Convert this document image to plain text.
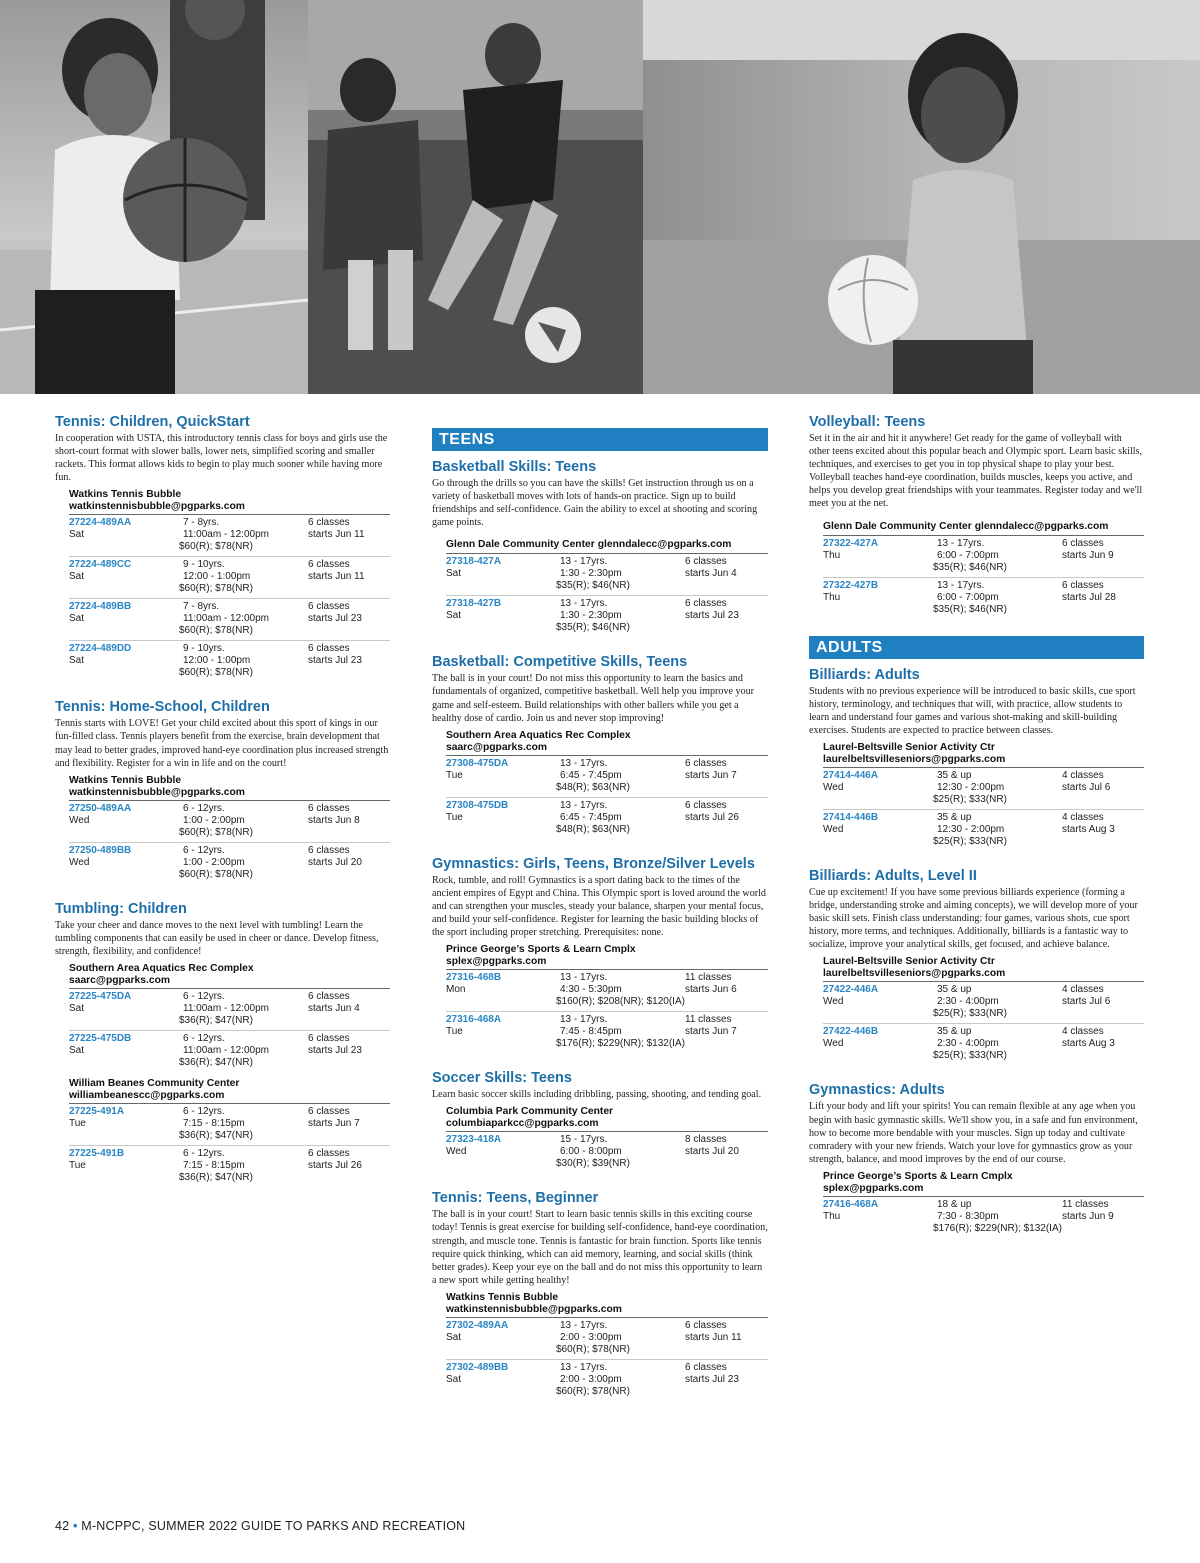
Tennis: Children, QuickStart
In cooperation with USTA, this introductory tennis class for boys and girls use the short-court format with slower balls, lower nets, simplified scoring and smaller rackets. This format allows kids to begin to play much sooner while having more fun.
Watkins Tennis Bubble
watkinstennisbubble@pgparks.com
27224-489AA
Sat
7 - 8yrs.
11:00am - 12:00pm
$60(R); $78(NR)
6 classes
starts Jun 11
27224-489CC
Sat
9 - 10yrs.
12:00 - 1:00pm
$60(R); $78(NR)
6 classes
starts Jun 11
27224-489BB
Sat
7 - 8yrs.
11:00am - 12:00pm
$60(R); $78(NR)
6 classes
starts Jul 23
27224-489DD
Sat
9 - 10yrs.
12:00 - 1:00pm
$60(R); $78(NR)
6 classes
starts Jul 23
Tennis: Home-School, Children
Tennis starts with LOVE! Get your child excited about this sport of kings in our fun-filled class. Tennis players benefit from the exercise, brain development that may lead to better grades, improved hand-eye coordination plus increased strength and flexibility. Register for a win in life and on the court!
Watkins Tennis Bubble
watkinstennisbubble@pgparks.com
27250-489AA
Wed
6 - 12yrs.
1:00 - 2:00pm
$60(R); $78(NR)
6 classes
starts Jun 8
27250-489BB
Wed
6 - 12yrs.
1:00 - 2:00pm
$60(R); $78(NR)
6 classes
starts Jul 20
Tumbling: Children
Take your cheer and dance moves to the next level with tumbling! Learn the tumbling components that can easily be used in cheer or dance. Develop fitness, strength, flexibility, and confidence!
Southern Area Aquatics Rec Complex
saarc@pgparks.com
27225-475DA
Sat
6 - 12yrs.
11:00am - 12:00pm
$36(R); $47(NR)
6 classes
starts Jun 4
27225-475DB
Sat
6 - 12yrs.
11:00am - 12:00pm
$36(R); $47(NR)
6 classes
starts Jul 23
William Beanes Community Center
williambeanescc@pgparks.com
27225-491A
Tue
6 - 12yrs.
7:15 - 8:15pm
$36(R); $47(NR)
6 classes
starts Jun 7
27225-491B
Tue
6 - 12yrs.
7:15 - 8:15pm
$36(R); $47(NR)
6 classes
starts Jul 26
TEENS
Basketball Skills: Teens
Go through the drills so you can have the skills! Get instruction through us on a variety of basketball moves with lots of hands-on practice. Sign up to build friendships and self-confidence. Gain the ability to excel at shooting and scoring game points.
Glenn Dale Community Center glenndalecc@pgparks.com
27318-427A
Sat
13 - 17yrs.
1:30 - 2:30pm
$35(R); $46(NR)
6 classes
starts Jun 4
27318-427B
Sat
13 - 17yrs.
1:30 - 2:30pm
$35(R); $46(NR)
6 classes
starts Jul 23
Basketball: Competitive Skills, Teens
The ball is in your court! Do not miss this opportunity to learn the basics and fundamentals of organized, competitive basketball. Well help you improve your game and self-esteem. Build relationships with other ballers while you get a healthy dose of cardio. Join us and never stop improving!
Southern Area Aquatics Rec Complex
saarc@pgparks.com
27308-475DA
Tue
13 - 17yrs.
6:45 - 7:45pm
$48(R); $63(NR)
6 classes
starts Jun 7
27308-475DB
Tue
13 - 17yrs.
6:45 - 7:45pm
$48(R); $63(NR)
6 classes
starts Jul 26
Gymnastics: Girls, Teens, Bronze/Silver Levels
Rock, tumble, and roll! Gymnastics is a sport dating back to the times of the ancient empires of Egypt and China. This Olympic sport is loved around the world and can strengthen your muscles, steady your balance, sharpen your mental focus, and build your self-confidence. Register for learning the basic building blocks of the sport including proper stretching. Prerequisites: none.
Prince George’s Sports & Learn Cmplx
splex@pgparks.com
27316-468B
Mon
13 - 17yrs.
4:30 - 5:30pm
$160(R); $208(NR); $120(IA)
11 classes
starts Jun 6
27316-468A
Tue
13 - 17yrs.
7:45 - 8:45pm
$176(R); $229(NR); $132(IA)
11 classes
starts Jun 7
Soccer Skills: Teens
Learn basic soccer skills including dribbling, passing, shooting, and tending goal.
Columbia Park Community Center
columbiaparkcc@pgparks.com
27323-418A
Wed
15 - 17yrs.
6:00 - 8:00pm
$30(R); $39(NR)
8 classes
starts Jul 20
Tennis: Teens, Beginner
The ball is in your court! Start to learn basic tennis skills in this exciting course today! Tennis is great exercise for building self-confidence, hand-eye coordination, strength, and muscle tone. Tennis is fantastic for brain function. Sports like tennis require quick thinking, which can aid memory, learning, and social skills (think better grades). Keep your eye on the ball and do not miss this opportunity to learn a new sport while getting healthy!
Watkins Tennis Bubble
watkinstennisbubble@pgparks.com
27302-489AA
Sat
13 - 17yrs.
2:00 - 3:00pm
$60(R); $78(NR)
6 classes
starts Jun 11
27302-489BB
Sat
13 - 17yrs.
2:00 - 3:00pm
$60(R); $78(NR)
6 classes
starts Jul 23
Volleyball: Teens
Set it in the air and hit it anywhere! Get ready for the game of volleyball with other teens excited about this popular beach and Olympic sport. Learn basic skills, techniques, and exercises to get you in top physical shape to play your best. Volleyball teaches hand-eye coordination, builds muscles, keeps you active, and helps you develop great friendships with your teammates. Register today and we'll meet you at the net.
Glenn Dale Community Center glenndalecc@pgparks.com
27322-427A
Thu
13 - 17yrs.
6:00 - 7:00pm
$35(R); $46(NR)
6 classes
starts Jun 9
27322-427B
Thu
13 - 17yrs.
6:00 - 7:00pm
$35(R); $46(NR)
6 classes
starts Jul 28
ADULTS
Billiards: Adults
Students with no previous experience will be introduced to basic skills, cue sport history, terminology, and techniques that will, with practice, allow students to learn and understand four games and various shot-making and skill-building exercises. Students are expected to practice between classes.
Laurel-Beltsville Senior Activity Ctr
laurelbeltsvilleseniors@pgparks.com
27414-446A
Wed
35 & up
12:30 - 2:00pm
$25(R); $33(NR)
4 classes
starts Jul 6
27414-446B
Wed
35 & up
12:30 - 2:00pm
$25(R); $33(NR)
4 classes
starts Aug 3
Billiards: Adults, Level II
Cue up excitement! If you have some previous billiards experience (forming a bridge, understanding stroke and aiming concepts), we will develop more of your basic skill sets. Finish class understanding: four games, various shots, cue sport history, more terms, and techniques. Additionally, billiards is a fantastic way to socialize, improve your analytical skills, get focused, and achieve balance.
Laurel-Beltsville Senior Activity Ctr
laurelbeltsvilleseniors@pgparks.com
27422-446A
Wed
35 & up
2:30 - 4:00pm
$25(R); $33(NR)
4 classes
starts Jul 6
27422-446B
Wed
35 & up
2:30 - 4:00pm
$25(R); $33(NR)
4 classes
starts Aug 3
Gymnastics: Adults
Lift your body and lift your spirits! You can remain flexible at any age when you begin with basic gymnastic skills. We'll show you, in a safe and fun environment, how to become more bendable with your muscles. Sign up today and cultivate comradery with your new friends. Watch your love for gymnastics grow as your strength, balance, and mood improves by the end of our course.
Prince George’s Sports & Learn Cmplx
splex@pgparks.com
27416-468A
Thu
18 & up
7:30 - 8:30pm
$176(R); $229(NR); $132(IA)
11 classes
starts Jun 9
42 • M-NCPPC, SUMMER 2022 GUIDE TO PARKS AND RECREATION
